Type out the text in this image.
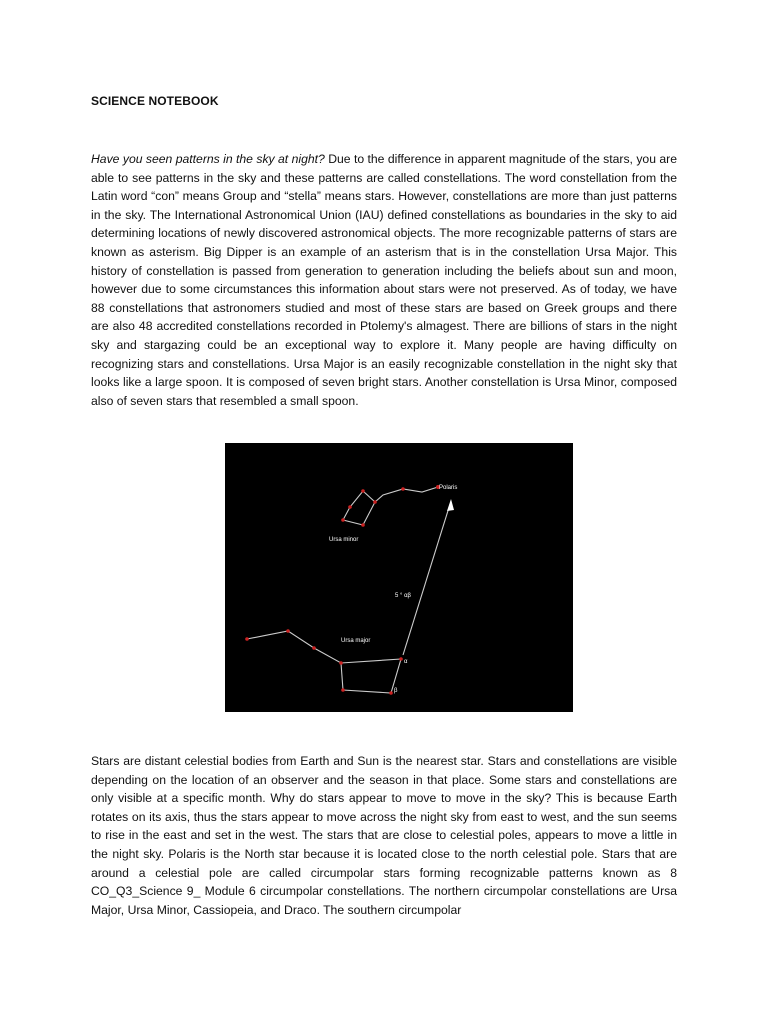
SCIENCE NOTEBOOK

Have you seen patterns in the sky at night? Due to the difference in apparent magnitude of the stars, you are able to see patterns in the sky and these patterns are called constellations. The word constellation from the Latin word “con” means Group and “stella” means stars. However, constellations are more than just patterns in the sky. The International Astronomical Union (IAU) defined constellations as boundaries in the sky to aid determining locations of newly discovered astronomical objects. The more recognizable patterns of stars are known as asterism. Big Dipper is an example of an asterism that is in the constellation Ursa Major. This history of constellation is passed from generation to generation including the beliefs about sun and moon, however due to some circumstances this information about stars were not preserved. As of today, we have 88 constellations that astronomers studied and most of these stars are based on Greek groups and there are also 48 accredited constellations recorded in Ptolemy's almagest. There are billions of stars in the night sky and stargazing could be an exceptional way to explore it. Many people are having difficulty on recognizing stars and constellations. Ursa Major is an easily recognizable constellation in the night sky that looks like a large spoon. It is composed of seven bright stars. Another constellation is Ursa Minor, composed also of seven stars that resembled a small spoon.

Polaris
Ursa minor
Ursa major
5 ° αβ
α
β

Stars are distant celestial bodies from Earth and Sun is the nearest star. Stars and constellations are visible depending on the location of an observer and the season in that place. Some stars and constellations are only visible at a specific month. Why do stars appear to move to move in the sky? This is because Earth rotates on its axis, thus the stars appear to move across the night sky from east to west, and the sun seems to rise in the east and set in the west. The stars that are close to celestial poles, appears to move a little in the night sky. Polaris is the North star because it is located close to the north celestial pole. Stars that are around a celestial pole are called circumpolar stars forming recognizable patterns known as 8 CO_Q3_Science 9_ Module 6 circumpolar constellations. The northern circumpolar constellations are Ursa Major, Ursa Minor, Cassiopeia, and Draco. The southern circumpolar
